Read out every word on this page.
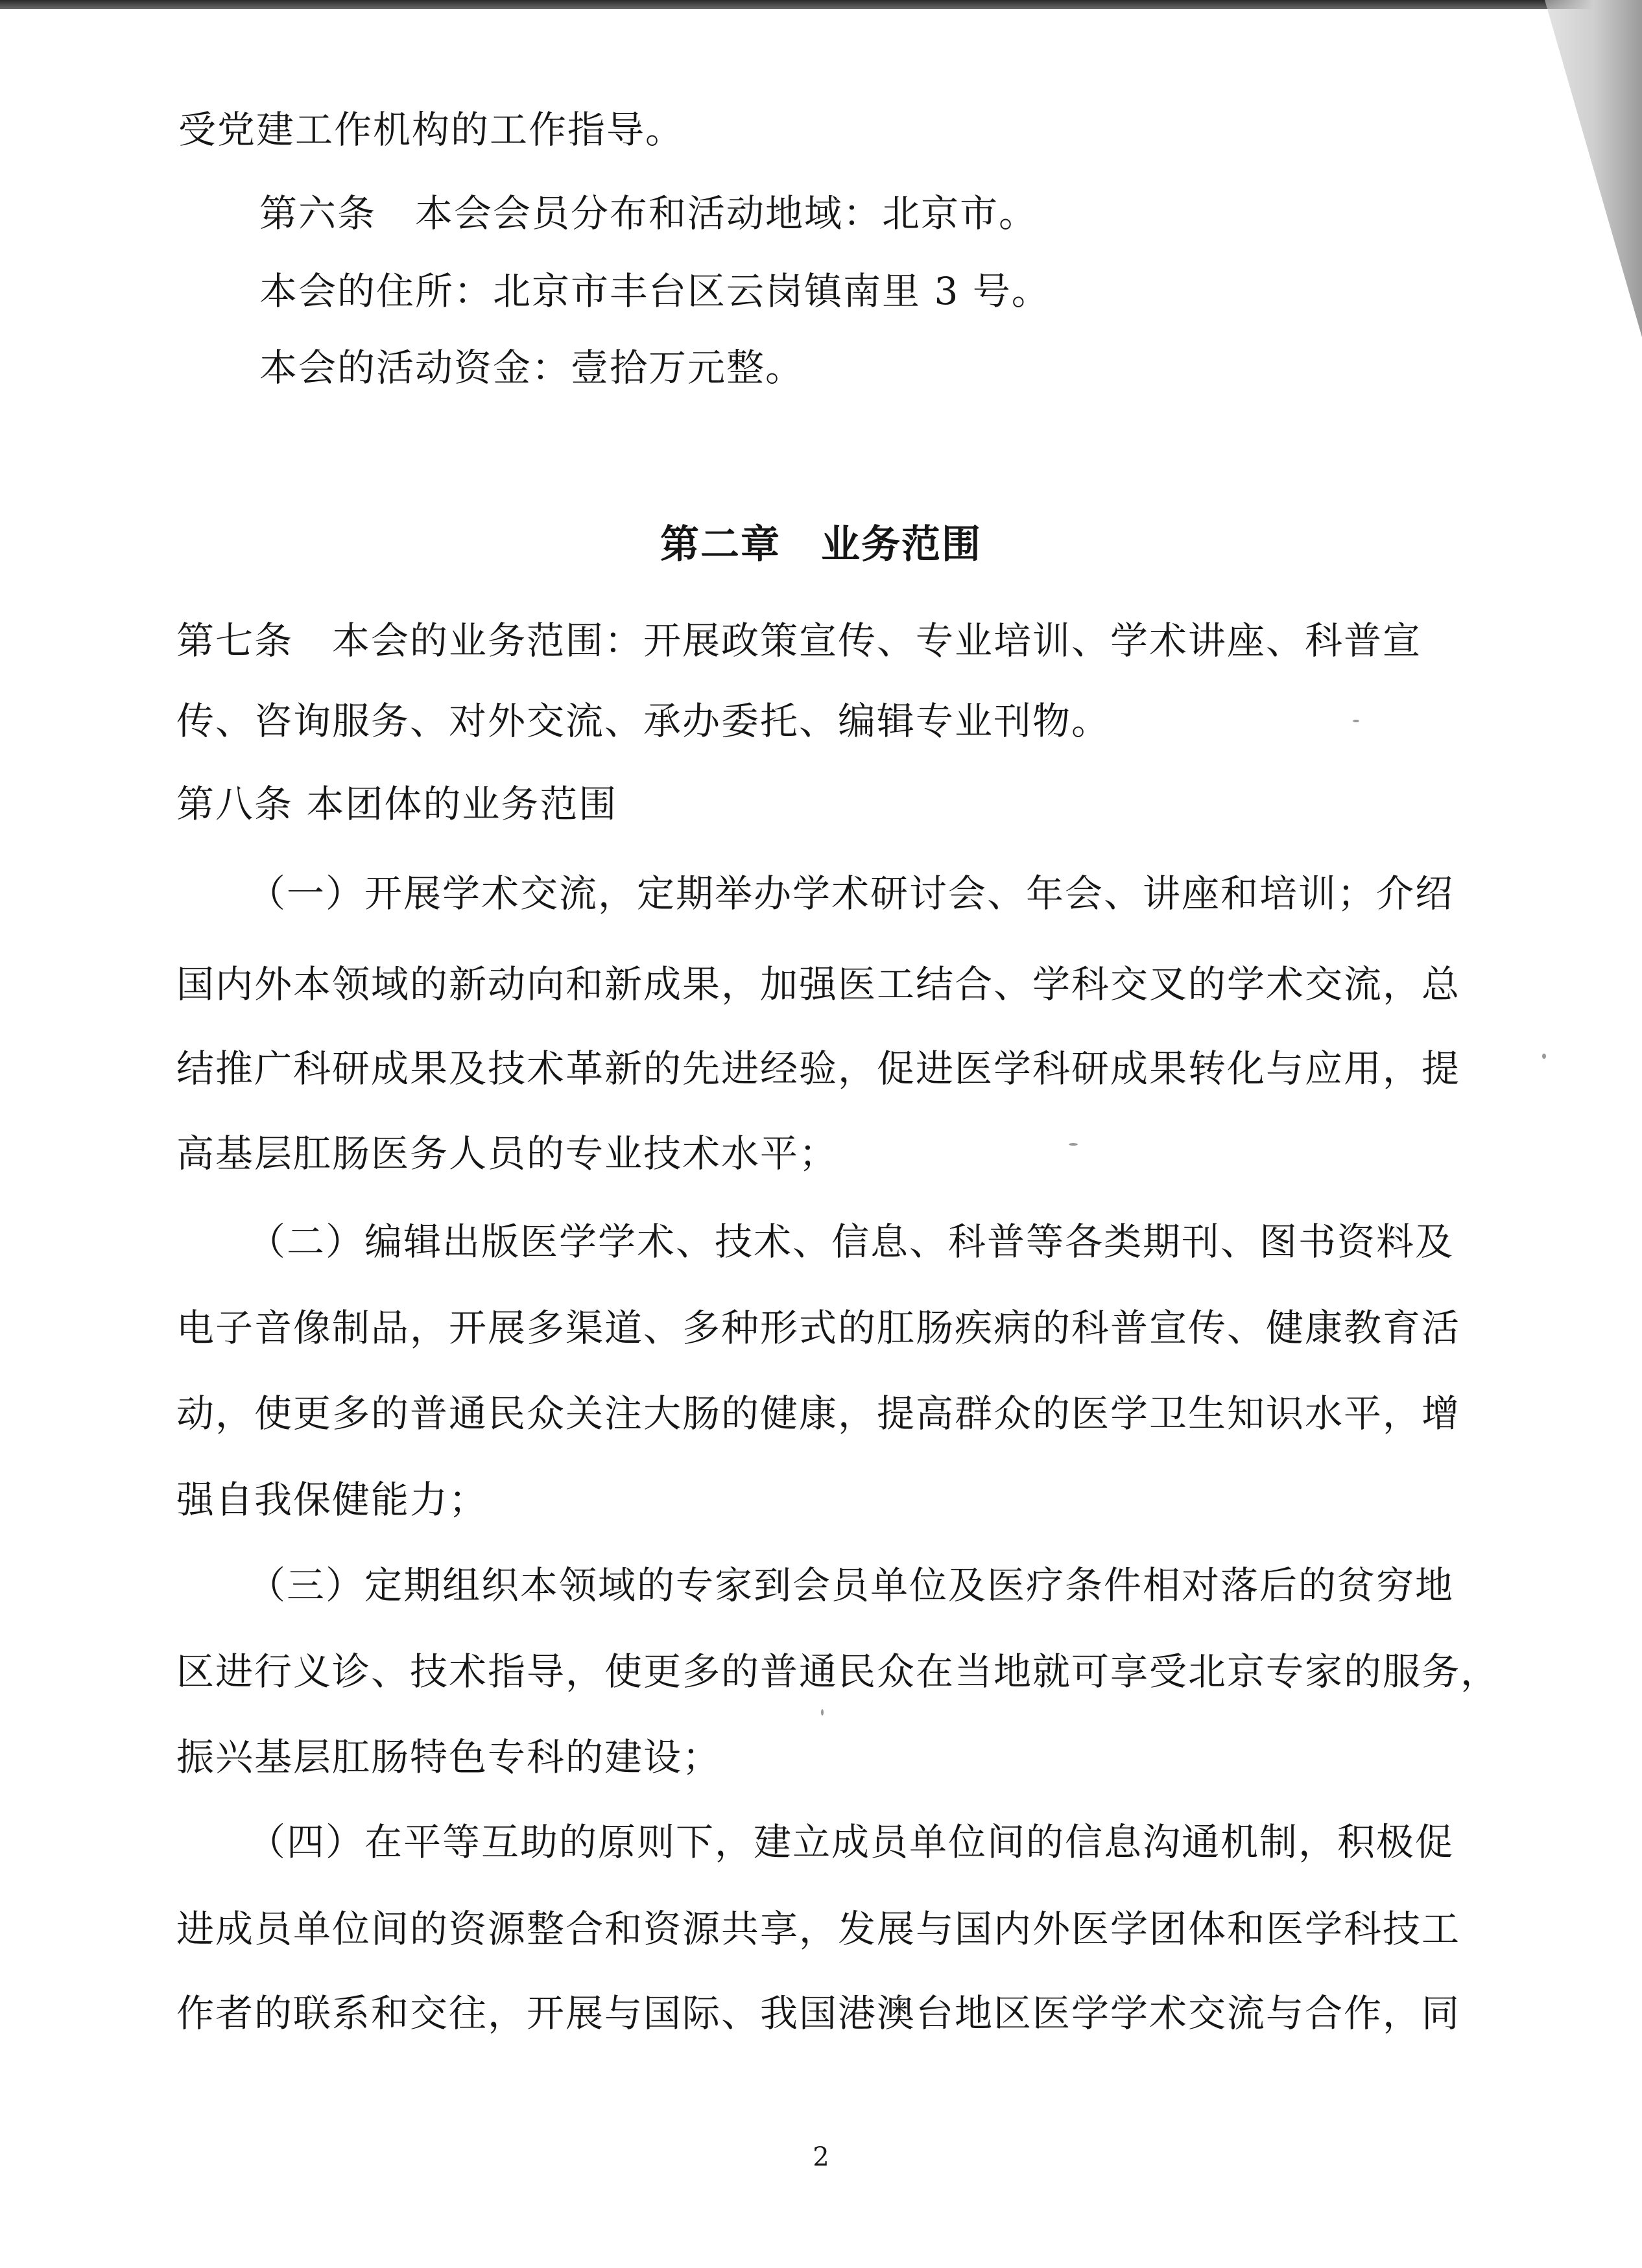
受党建工作机构的工作指导。
第六条　本会会员分布和活动地域：北京市。
本会的住所：北京市丰台区云岗镇南里 3 号。
本会的活动资金：壹拾万元整。
第二章　业务范围
第七条　本会的业务范围：开展政策宣传、专业培训、学术讲座、科普宣
传、咨询服务、对外交流、承办委托、编辑专业刊物。
第八条 本团体的业务范围
（一）开展学术交流，定期举办学术研讨会、年会、讲座和培训；介绍
国内外本领域的新动向和新成果，加强医工结合、学科交叉的学术交流，总
结推广科研成果及技术革新的先进经验，促进医学科研成果转化与应用，提
高基层肛肠医务人员的专业技术水平；
（二）编辑出版医学学术、技术、信息、科普等各类期刊、图书资料及
电子音像制品，开展多渠道、多种形式的肛肠疾病的科普宣传、健康教育活
动，使更多的普通民众关注大肠的健康，提高群众的医学卫生知识水平，增
强自我保健能力；
（三）定期组织本领域的专家到会员单位及医疗条件相对落后的贫穷地
区进行义诊、技术指导，使更多的普通民众在当地就可享受北京专家的服务，
振兴基层肛肠特色专科的建设；
（四）在平等互助的原则下，建立成员单位间的信息沟通机制，积极促
进成员单位间的资源整合和资源共享，发展与国内外医学团体和医学科技工
作者的联系和交往，开展与国际、我国港澳台地区医学学术交流与合作，同
2
